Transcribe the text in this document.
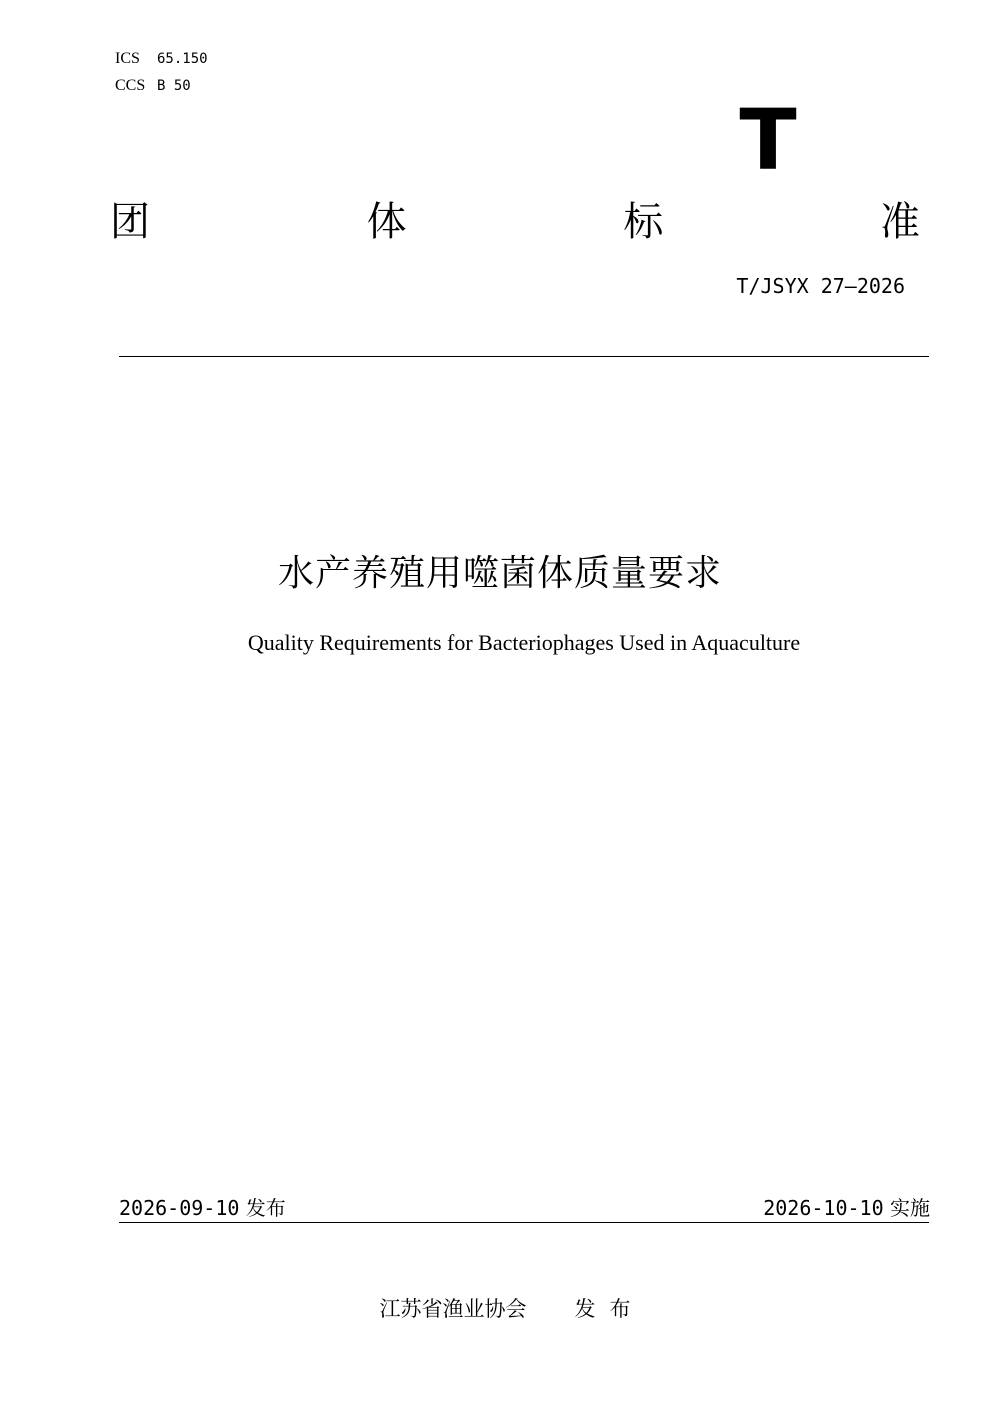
ICS 65.150
CCS B 50
T
团	体	标	准
T/JSYX 27—2026
水产养殖用噬菌体质量要求
Quality Requirements for Bacteriophages Used in Aquaculture
2026-09-10 发布	2026-10-10 实施
江苏省渔业协会 发布
